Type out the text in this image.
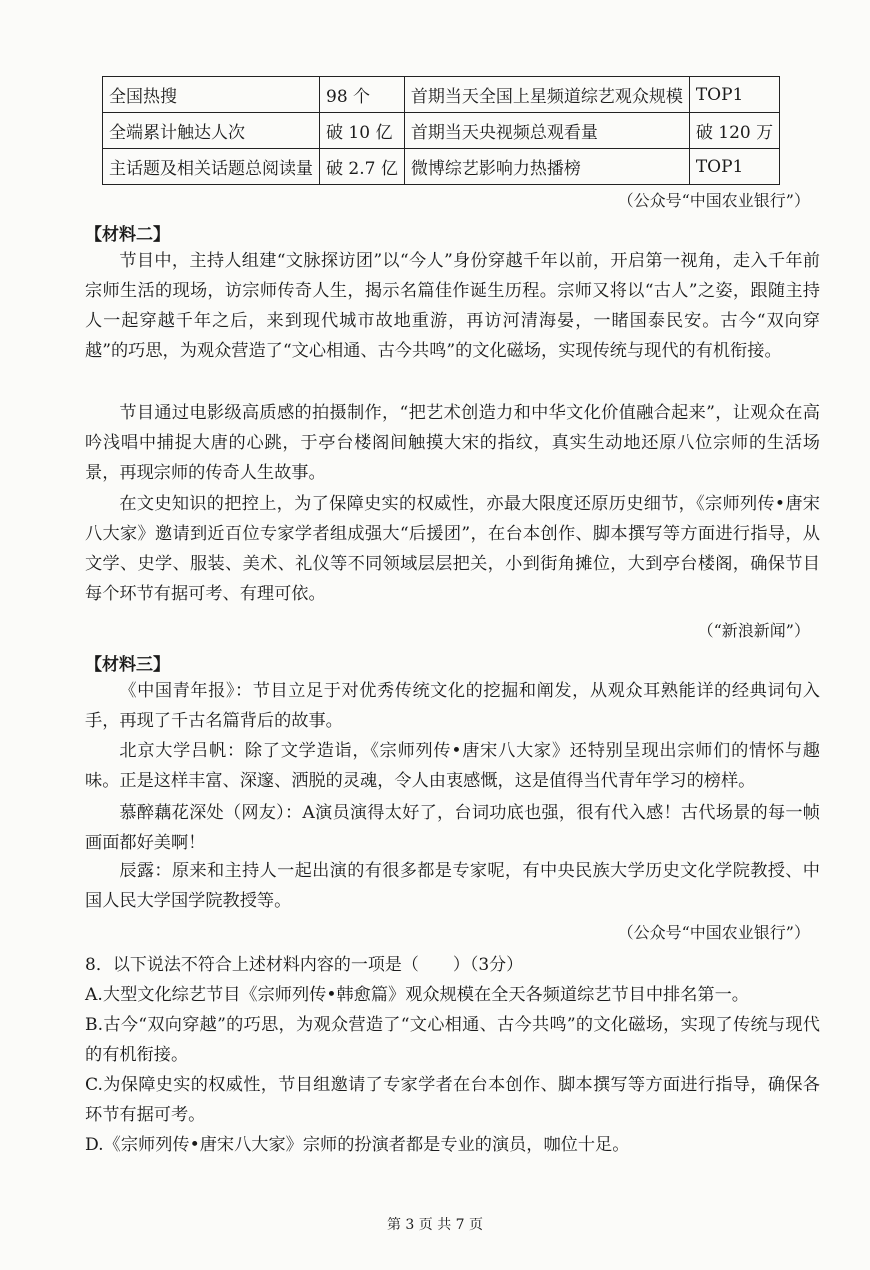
全国热搜	98 个	首期当天全国上星频道综艺观众规模	TOP1
全端累计触达人次	破 10 亿	首期当天央视频总观看量	破 120 万
主话题及相关话题总阅读量	破 2.7 亿	微博综艺影响力热播榜	TOP1
（公众号“中国农业银行”）
【材料二】

节目中，主持人组建“文脉探访团”以“今人”身份穿越千年以前，开启第一视角，走入千年前宗师生活的现场，访宗师传奇人生，揭示名篇佳作诞生历程。宗师又将以“古人”之姿，跟随主持人一起穿越千年之后，来到现代城市故地重游，再访河清海晏，一睹国泰民安。古今“双向穿越”的巧思，为观众营造了“文心相通、古今共鸣”的文化磁场，实现传统与现代的有机衔接。

节目通过电影级高质感的拍摄制作，“把艺术创造力和中华文化价值融合起来”，让观众在高吟浅唱中捕捉大唐的心跳，于亭台楼阁间触摸大宋的指纹，真实生动地还原八位宗师的生活场景，再现宗师的传奇人生故事。

在文史知识的把控上，为了保障史实的权威性，亦最大限度还原历史细节，《宗师列传•唐宋八大家》邀请到近百位专家学者组成强大“后援团”，在台本创作、脚本撰写等方面进行指导，从文学、史学、服装、美术、礼仪等不同领域层层把关，小到街角摊位，大到亭台楼阁，确保节目每个环节有据可考、有理可依。

（“新浪新闻”）
【材料三】

《中国青年报》：节目立足于对优秀传统文化的挖掘和阐发，从观众耳熟能详的经典词句入手，再现了千古名篇背后的故事。

北京大学吕帆：除了文学造诣，《宗师列传•唐宋八大家》还特别呈现出宗师们的情怀与趣味。正是这样丰富、深邃、洒脱的灵魂，令人由衷感慨，这是值得当代青年学习的榜样。

慕醉藕花深处（网友）：A演员演得太好了，台词功底也强，很有代入感！古代场景的每一帧画面都好美啊！

辰露：原来和主持人一起出演的有很多都是专家呢，有中央民族大学历史文化学院教授、中国人民大学国学院教授等。

（公众号“中国农业银行”）
8．以下说法不符合上述材料内容的一项是（　　）（3分）

A.大型文化综艺节目《宗师列传•韩愈篇》观众规模在全天各频道综艺节目中排名第一。

B.古今“双向穿越”的巧思，为观众营造了“文心相通、古今共鸣”的文化磁场，实现了传统与现代的有机衔接。

C.为保障史实的权威性，节目组邀请了专家学者在台本创作、脚本撰写等方面进行指导，确保各环节有据可考。

D.《宗师列传•唐宋八大家》宗师的扮演者都是专业的演员，咖位十足。

第 3 页 共 7 页
